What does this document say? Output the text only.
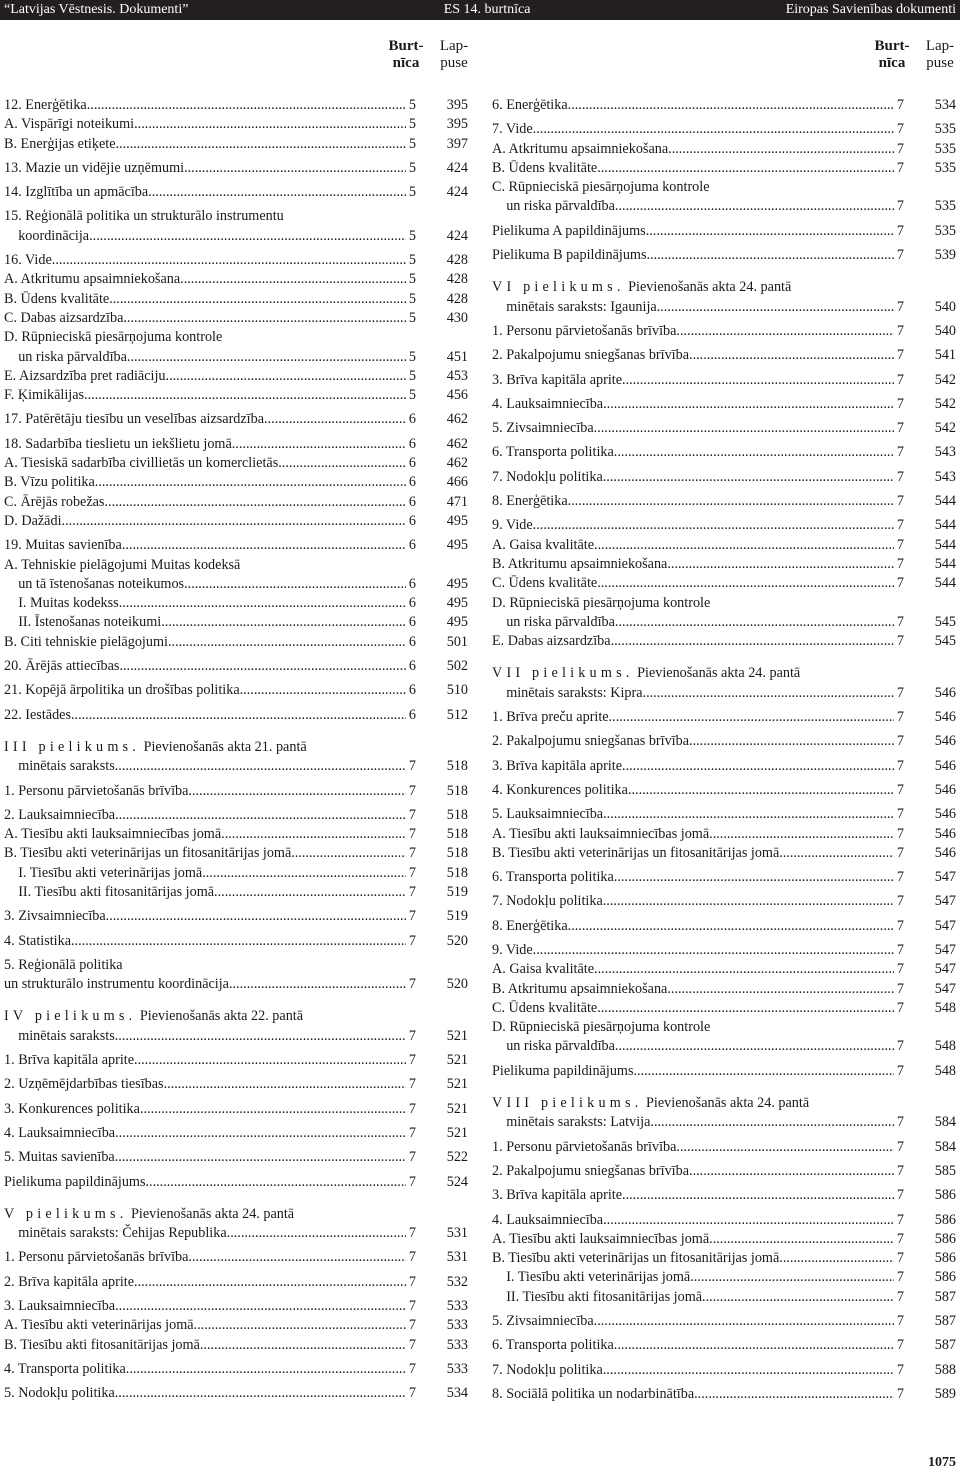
“Latvijas Vēstnesis. Dokumenti”	ES 14. burtnīca	Eiropas Savienības dokumenti
Burt-
nīca
Lap-
puse
Burt-
nīca
Lap-
puse
12. Enerģētika .....	5	395
A. Vispārīgi noteikumi .....	5	395
B. Enerģijas etiķete .....	5	397
13. Mazie un vidējie uzņēmumi .....	5	424
14. Izglītība un apmācība .....	5	424
15. Reģionālā politika un strukturālo instrumentu
koordinācija .....	5	424
16. Vide .....	5	428
A. Atkritumu apsaimniekošana .....	5	428
B. Ūdens kvalitāte .....	5	428
C. Dabas aizsardzība .....	5	430
D. Rūpnieciskā piesārņojuma kontrole
un riska pārvaldība .....	5	451
E. Aizsardzība pret radiāciju .....	5	453
F. Ķimikālijas .....	5	456
17. Patērētāju tiesību un veselības aizsardzība .....	6	462
18. Sadarbība tieslietu un iekšlietu jomā .....	6	462
A. Tiesiskā sadarbība civillietās un komerclietās .....	6	462
B. Vīzu politika .....	6	466
C. Ārējās robežas .....	6	471
D. Dažādi .....	6	495
19. Muitas savienība .....	6	495
A. Tehniskie pielāgojumi Muitas kodeksā
un tā īstenošanas noteikumos .....	6	495
I. Muitas kodekss .....	6	495
II. Īstenošanas noteikumi .....	6	495
B. Citi tehniskie pielāgojumi .....	6	501
20. Ārējās attiecības .....	6	502
21. Kopējā ārpolitika un drošības politika .....	6	510
22. Iestādes .....	6	512
III pielikums. Pievienošanās akta 21. pantā
minētais saraksts .....	7	518
1. Personu pārvietošanās brīvība .....	7	518
2. Lauksaimniecība .....	7	518
A. Tiesību akti lauksaimniecības jomā .....	7	518
B. Tiesību akti veterinārijas un fitosanitārijas jomā .....	7	518
I. Tiesību akti veterinārijas jomā .....	7	518
II. Tiesību akti fitosanitārijas jomā .....	7	519
3. Zivsaimniecība .....	7	519
4. Statistika .....	7	520
5. Reģionālā politika
un strukturālo instrumentu koordinācija .....	7	520
IV pielikums. Pievienošanās akta 22. pantā
minētais saraksts .....	7	521
1. Brīva kapitāla aprite .....	7	521
2. Uzņēmējdarbības tiesības .....	7	521
3. Konkurences politika .....	7	521
4. Lauksaimniecība .....	7	521
5. Muitas savienība .....	7	522
Pielikuma papildinājums .....	7	524
V pielikums. Pievienošanās akta 24. pantā
minētais saraksts: Čehijas Republika .....	7	531
1. Personu pārvietošanās brīvība .....	7	531
2. Brīva kapitāla aprite .....	7	532
3. Lauksaimniecība .....	7	533
A. Tiesību akti veterinārijas jomā .....	7	533
B. Tiesību akti fitosanitārijas jomā .....	7	533
4. Transporta politika .....	7	533
5. Nodokļu politika .....	7	534
6. Enerģētika .....	7	534
7. Vide .....	7	535
A. Atkritumu apsaimniekošana .....	7	535
B. Ūdens kvalitāte .....	7	535
C. Rūpnieciskā piesārņojuma kontrole
un riska pārvaldība .....	7	535
Pielikuma A papildinājums .....	7	535
Pielikuma B papildinājums .....	7	539
VI pielikums. Pievienošanās akta 24. pantā
minētais saraksts: Igaunija .....	7	540
1. Personu pārvietošanās brīvība .....	7	540
2. Pakalpojumu sniegšanas brīvība .....	7	541
3. Brīva kapitāla aprite .....	7	542
4. Lauksaimniecība .....	7	542
5. Zivsaimniecība .....	7	542
6. Transporta politika .....	7	543
7. Nodokļu politika .....	7	543
8. Enerģētika .....	7	544
9. Vide .....	7	544
A. Gaisa kvalitāte .....	7	544
B. Atkritumu apsaimniekošana .....	7	544
C. Ūdens kvalitāte .....	7	544
D. Rūpnieciskā piesārņojuma kontrole
un riska pārvaldība .....	7	545
E. Dabas aizsardzība .....	7	545
VII pielikums. Pievienošanās akta 24. pantā
minētais saraksts: Kipra .....	7	546
1. Brīva preču aprite .....	7	546
2. Pakalpojumu sniegšanas brīvība .....	7	546
3. Brīva kapitāla aprite .....	7	546
4. Konkurences politika .....	7	546
5. Lauksaimniecība .....	7	546
A. Tiesību akti lauksaimniecības jomā .....	7	546
B. Tiesību akti veterinārijas un fitosanitārijas jomā .....	7	546
6. Transporta politika .....	7	547
7. Nodokļu politika .....	7	547
8. Enerģētika .....	7	547
9. Vide .....	7	547
A. Gaisa kvalitāte .....	7	547
B. Atkritumu apsaimniekošana .....	7	547
C. Ūdens kvalitāte .....	7	548
D. Rūpnieciskā piesārņojuma kontrole
un riska pārvaldība .....	7	548
Pielikuma papildinājums .....	7	548
VIII pielikums. Pievienošanās akta 24. pantā
minētais saraksts: Latvija .....	7	584
1. Personu pārvietošanās brīvība .....	7	584
2. Pakalpojumu sniegšanas brīvība .....	7	585
3. Brīva kapitāla aprite .....	7	586
4. Lauksaimniecība .....	7	586
A. Tiesību akti lauksaimniecības jomā .....	7	586
B. Tiesību akti veterinārijas un fitosanitārijas jomā .....	7	586
I. Tiesību akti veterinārijas jomā .....	7	586
II. Tiesību akti fitosanitārijas jomā .....	7	587
5. Zivsaimniecība .....	7	587
6. Transporta politika .....	7	587
7. Nodokļu politika .....	7	588
8. Sociālā politika un nodarbinātība .....	7	589
1075
